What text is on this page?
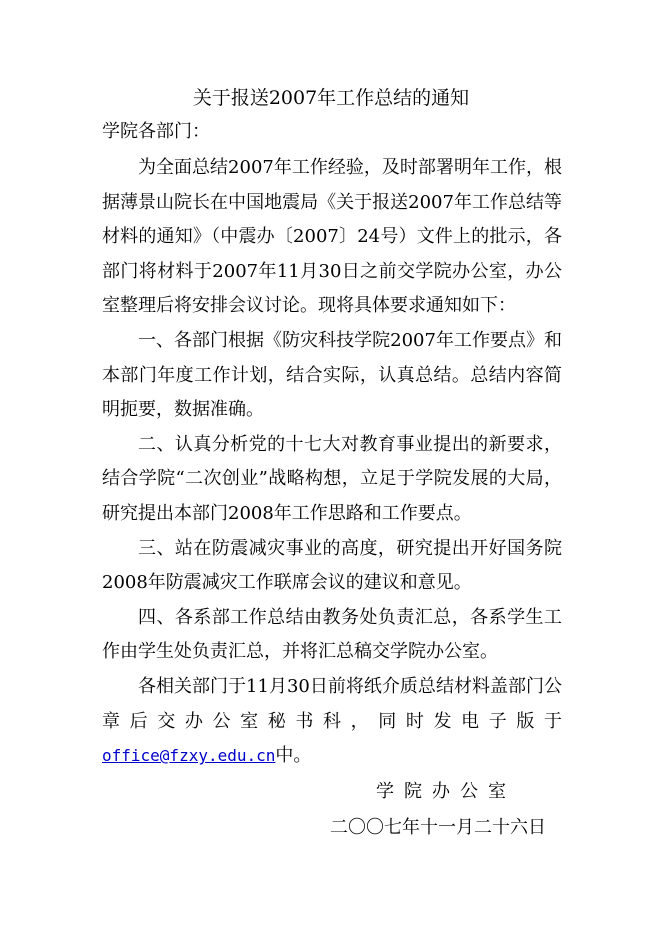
关于报送2007年工作总结的通知
学院各部门：

为全面总结2007年工作经验，及时部署明年工作，根据薄景山院长在中国地震局《关于报送2007年工作总结等材料的通知》（中震办〔2007〕24号）文件上的批示，各部门将材料于2007年11月30日之前交学院办公室，办公室整理后将安排会议讨论。现将具体要求通知如下：

一、各部门根据《防灾科技学院2007年工作要点》和本部门年度工作计划，结合实际，认真总结。总结内容简明扼要，数据准确。

二、认真分析党的十七大对教育事业提出的新要求，结合学院“二次创业”战略构想，立足于学院发展的大局，研究提出本部门2008年工作思路和工作要点。

三、站在防震减灾事业的高度，研究提出开好国务院2008年防震减灾工作联席会议的建议和意见。

四、各系部工作总结由教务处负责汇总，各系学生工作由学生处负责汇总，并将汇总稿交学院办公室。

各相关部门于11月30日前将纸介质总结材料盖部门公章后交办公室秘书科，同时发电子版于office@fzxy.edu.cn中。

学院办公室
二〇〇七年十一月二十六日
